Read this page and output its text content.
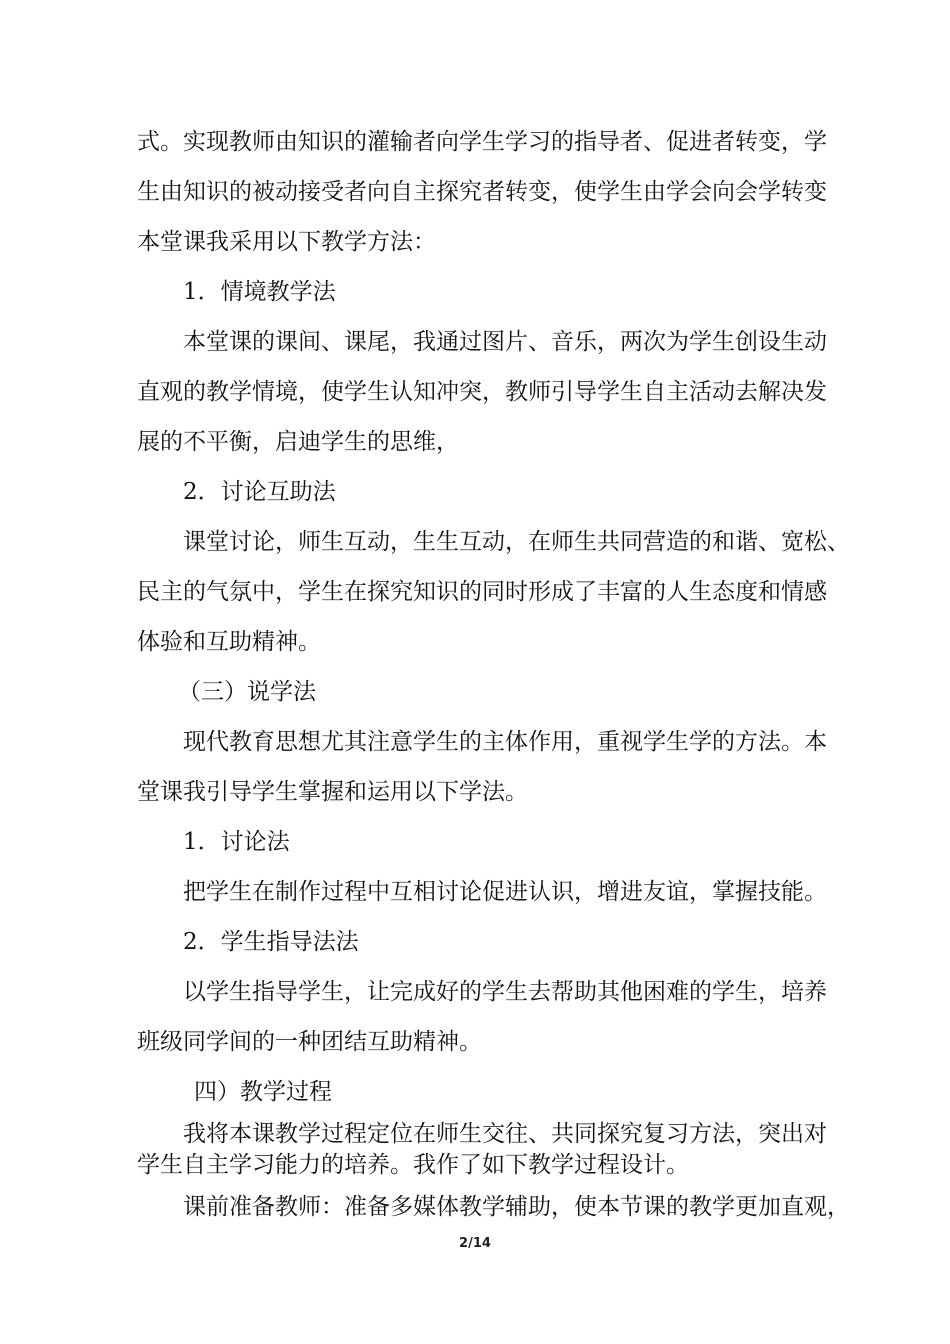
式。实现教师由知识的灌输者向学生学习的指导者、促进者转变，学
生由知识的被动接受者向自主探究者转变，使学生由学会向会学转变
本堂课我采用以下教学方法：
1．情境教学法
本堂课的课间、课尾，我通过图片、音乐，两次为学生创设生动
直观的教学情境，使学生认知冲突，教师引导学生自主活动去解决发
展的不平衡，启迪学生的思维，
2．讨论互助法
课堂讨论，师生互动，生生互动，在师生共同营造的和谐、宽松、
民主的气氛中，学生在探究知识的同时形成了丰富的人生态度和情感
体验和互助精神。
（三）说学法
现代教育思想尤其注意学生的主体作用，重视学生学的方法。本
堂课我引导学生掌握和运用以下学法。
1．讨论法
把学生在制作过程中互相讨论促进认识，增进友谊，掌握技能。
2．学生指导法法
以学生指导学生，让完成好的学生去帮助其他困难的学生，培养
班级同学间的一种团结互助精神。
四）教学过程
我将本课教学过程定位在师生交往、共同探究复习方法，突出对
学生自主学习能力的培养。我作了如下教学过程设计。
课前准备教师：准备多媒体教学辅助，使本节课的教学更加直观，
2/14
